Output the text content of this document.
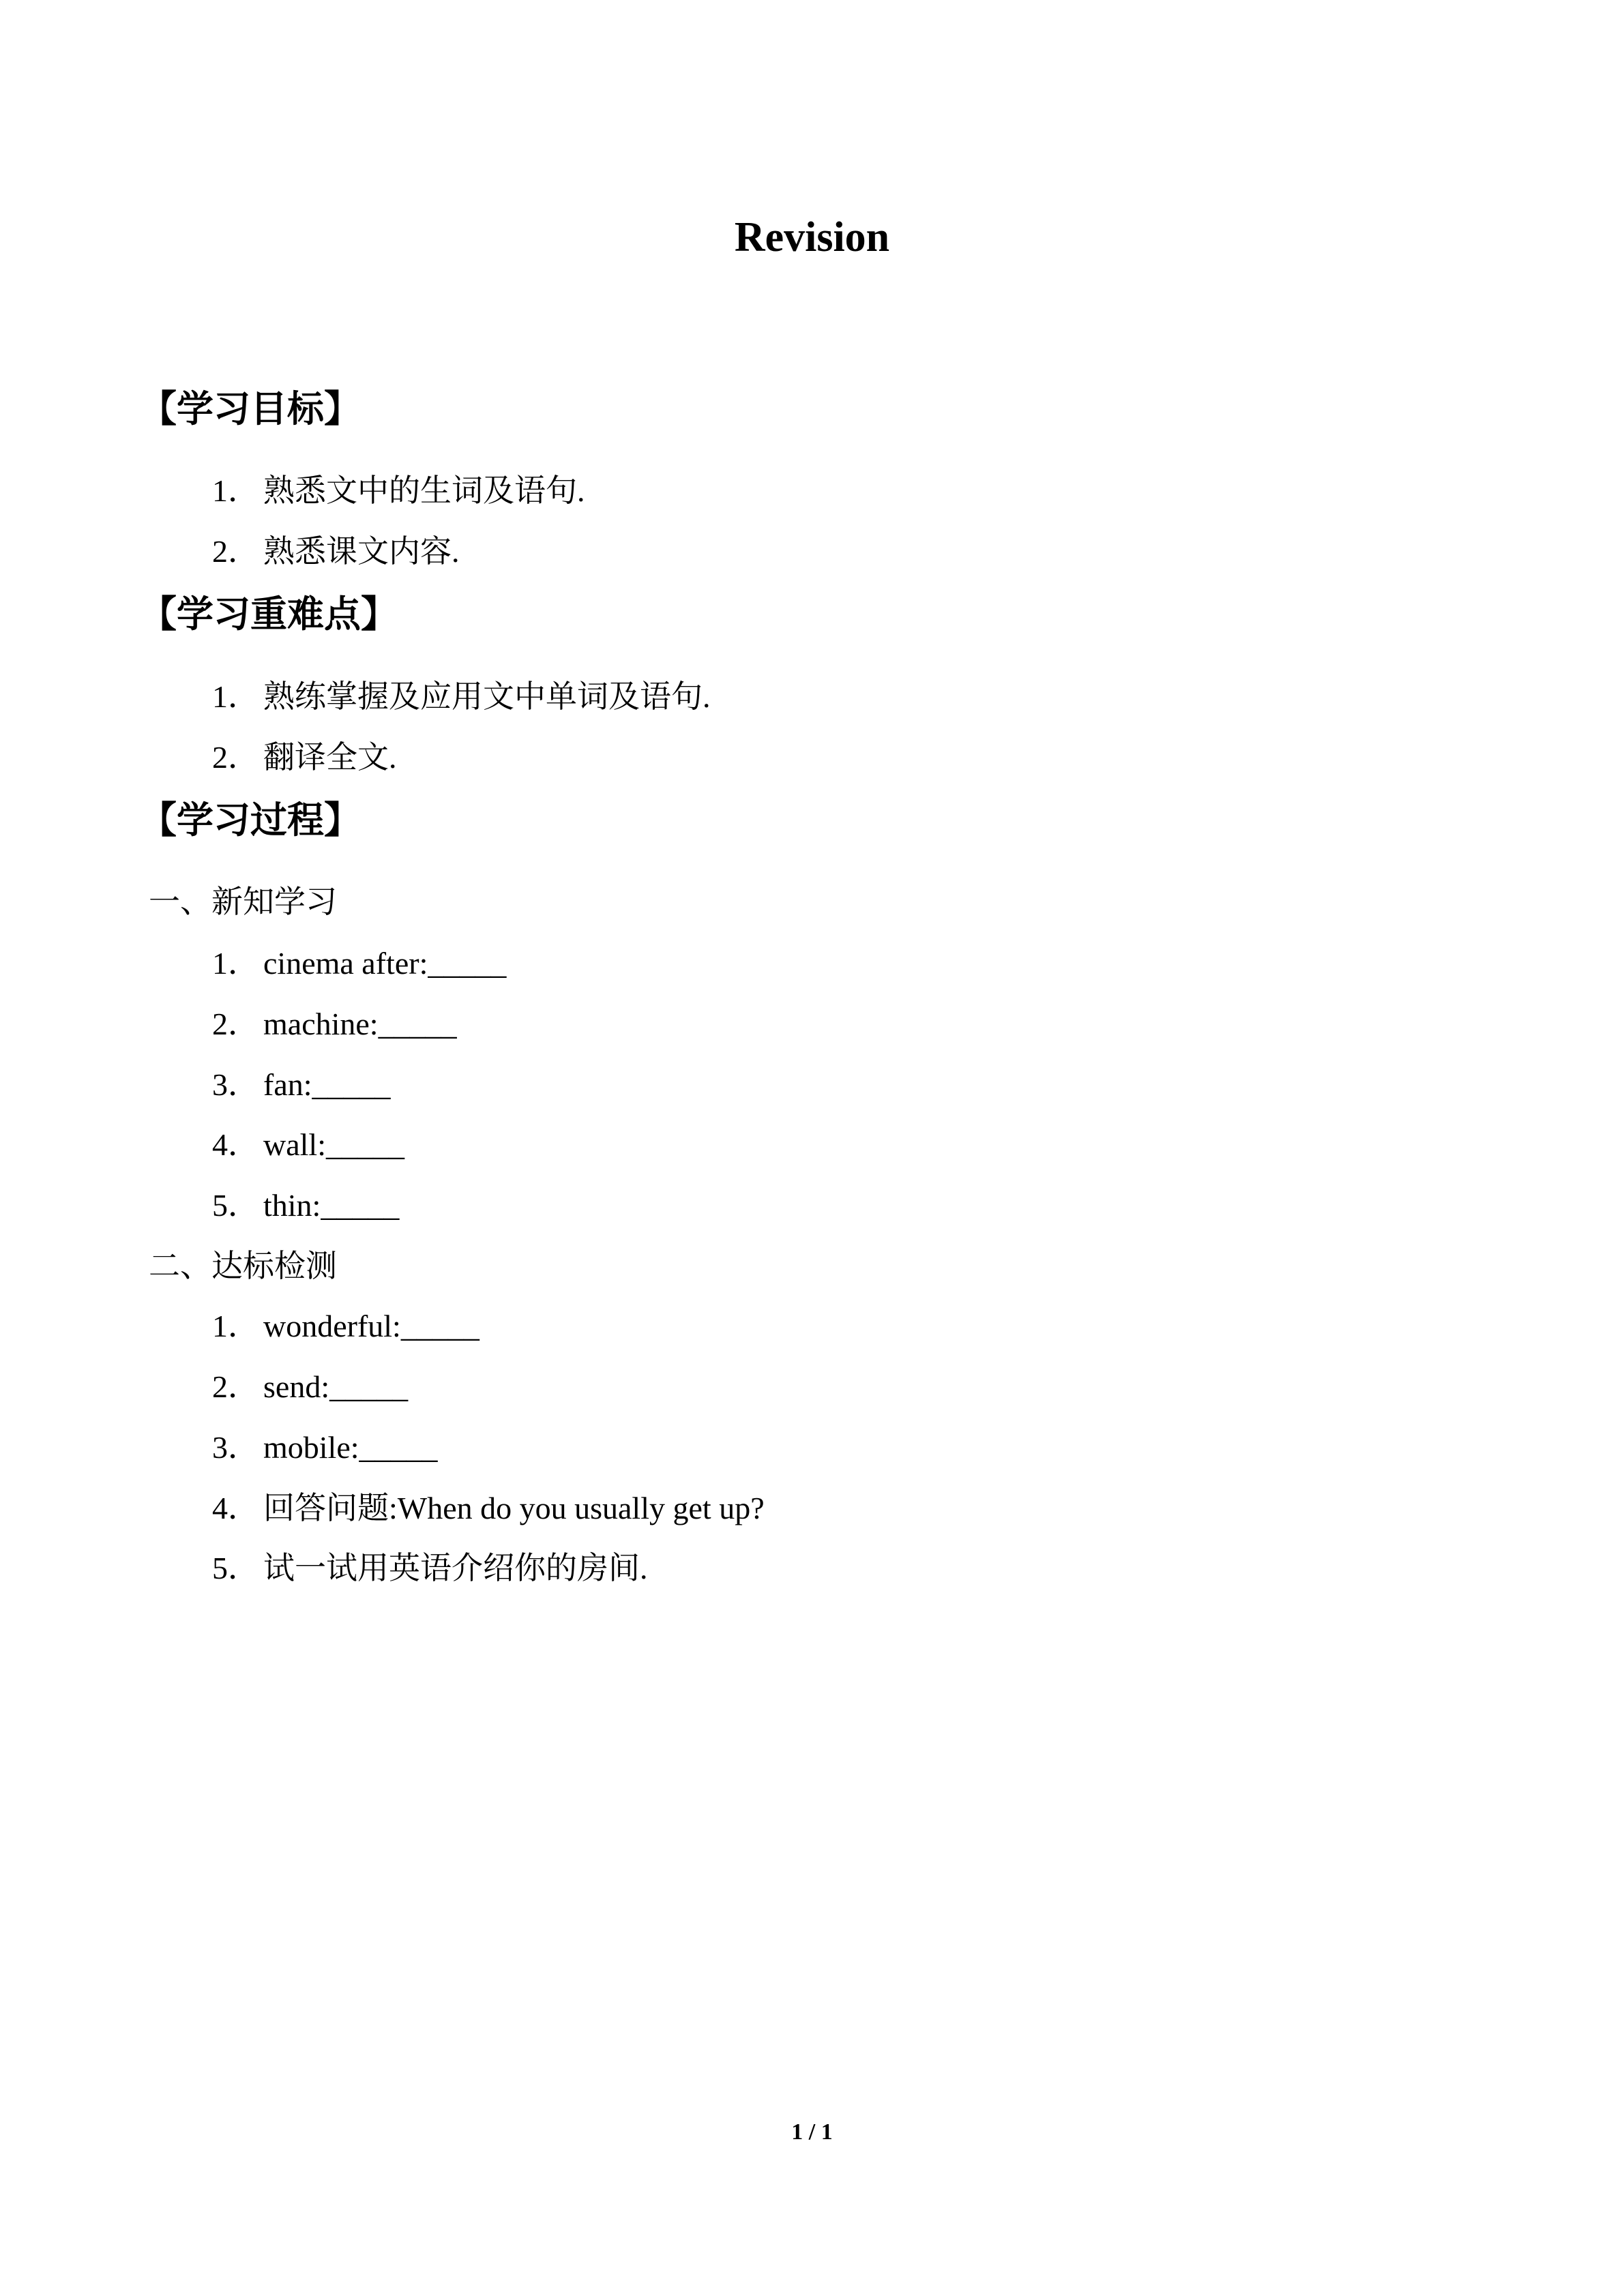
Revision
【学习目标】
1． 熟悉文中的生词及语句.
2． 熟悉课文内容.
【学习重难点】
1． 熟练掌握及应用文中单词及语句.
2． 翻译全文.
【学习过程】
一、新知学习
1． cinema after:_____
2． machine:_____
3． fan:_____
4． wall:_____
5． thin:_____
二、达标检测
1． wonderful:_____
2． send:_____
3． mobile:_____
4． 回答问题:When do you usually get up?
5． 试一试用英语介绍你的房间.
1 / 1
